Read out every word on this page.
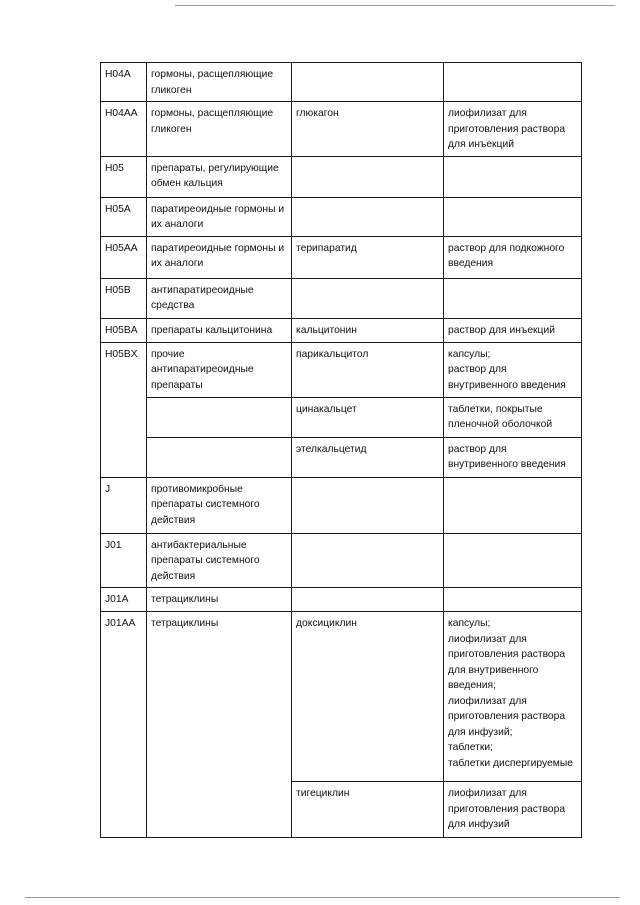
H04A	гормоны, расщепляющие гликоген		

H04AA	гормоны, расщепляющие гликоген	глюкагон	лиофилизат для приготовления раствора для инъекций

H05	препараты, регулирующие обмен кальция		

H05A	паратиреоидные гормоны и их аналоги		

H05AA	паратиреоидные гормоны и их аналоги	терипаратид	раствор для подкожного введения

H05B	антипаратиреоидные средства		

H05BA	препараты кальцитонина	кальцитонин	раствор для инъекций

H05BX	прочие антипаратиреоидные препараты	парикальцитол	капсулы;
раствор для внутривенного введения

		цинакальцет	таблетки, покрытые пленочной оболочкой

		этелкальцетид	раствор для внутривенного введения

J	противомикробные препараты системного действия		

J01	антибактериальные препараты системного действия		

J01A	тетрациклины		

J01AA	тетрациклины	доксициклин	капсулы;
лиофилизат для приготовления раствора для внутривенного введения;
лиофилизат для приготовления раствора для инфузий;
таблетки;
таблетки диспергируемые

		тигециклин	лиофилизат для приготовления раствора для инфузий
